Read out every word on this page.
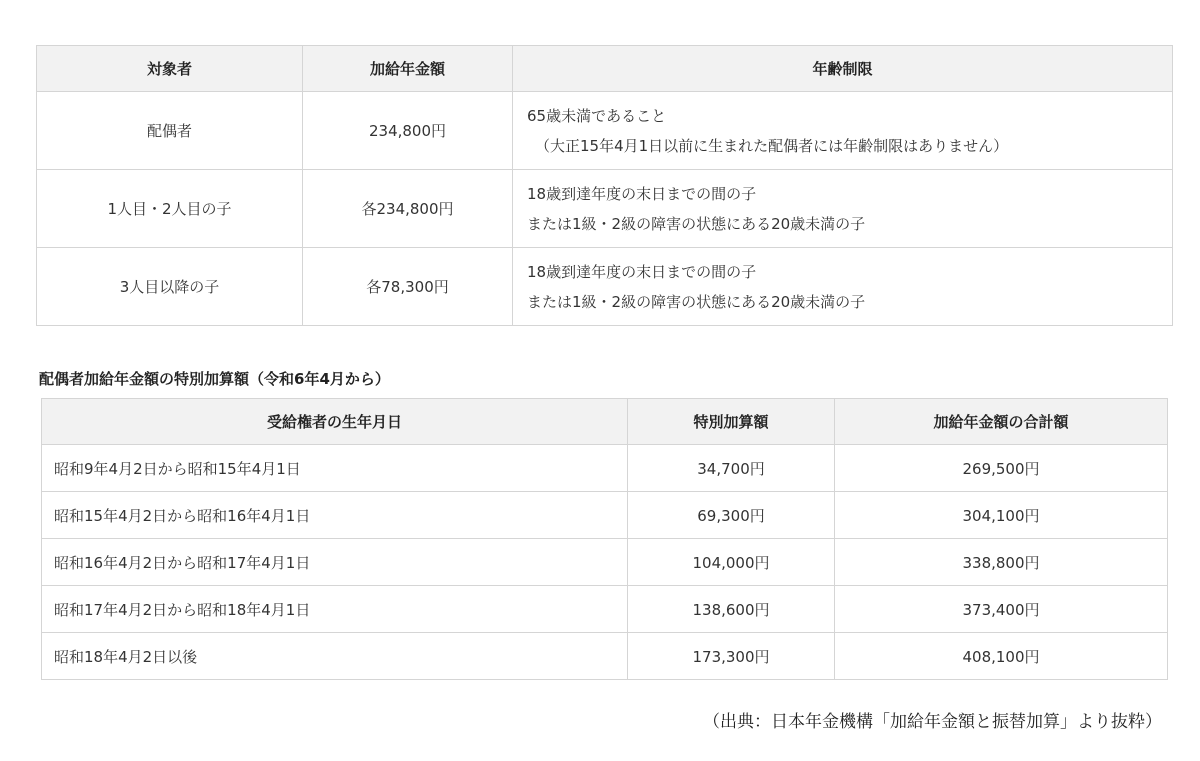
対象者	加給年金額	年齢制限
配偶者	234,800円	65歳未満であること
（大正15年4月1日以前に生まれた配偶者には年齢制限はありません）
1人目・2人目の子	各234,800円	18歳到達年度の末日までの間の子
または1級・2級の障害の状態にある20歳未満の子

3人目以降の子	各78,300円	18歳到達年度の末日までの間の子
または1級・2級の障害の状態にある20歳未満の子
配偶者加給年金額の特別加算額（令和6年4月から）
受給権者の生年月日	特別加算額	加給年金額の合計額
昭和9年4月2日から昭和15年4月1日	34,700円	269,500円
昭和15年4月2日から昭和16年4月1日	69,300円	304,100円
昭和16年4月2日から昭和17年4月1日	104,000円	338,800円
昭和17年4月2日から昭和18年4月1日	138,600円	373,400円
昭和18年4月2日以後	173,300円	408,100円
（出典：日本年金機構「加給年金額と振替加算」より抜粋）
